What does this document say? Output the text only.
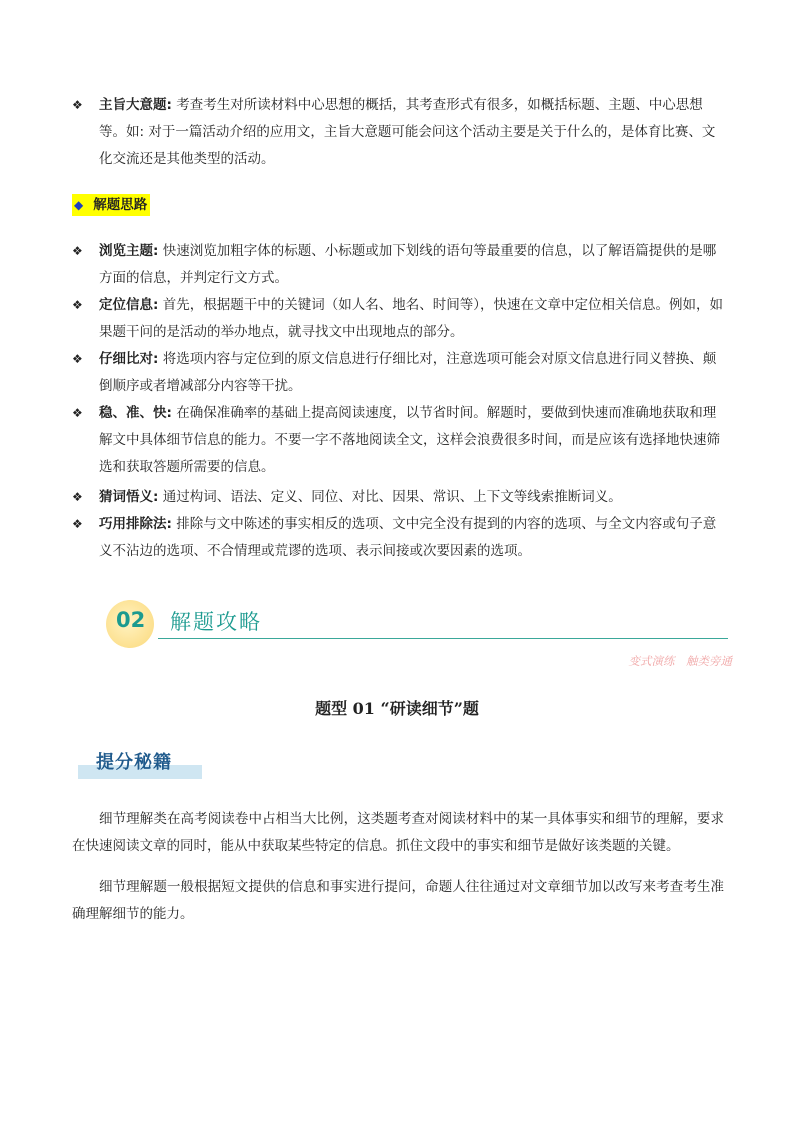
❖	主旨大意题: 考查考生对所读材料中心思想的概括，其考查形式有很多，如概括标题、主题、中心思想等。如: 对于一篇活动介绍的应用文，主旨大意题可能会问这个活动主要是关于什么的，是体育比赛、文化交流还是其他类型的活动。
◆ 解题思路
❖	浏览主题: 快速浏览加粗字体的标题、小标题或加下划线的语句等最重要的信息，以了解语篇提供的是哪方面的信息，并判定行文方式。
❖	定位信息: 首先，根据题干中的关键词（如人名、地名、时间等），快速在文章中定位相关信息。例如，如果题干问的是活动的举办地点，就寻找文中出现地点的部分。
❖	仔细比对: 将选项内容与定位到的原文信息进行仔细比对，注意选项可能会对原文信息进行同义替换、颠倒顺序或者增减部分内容等干扰。
❖	稳、准、快: 在确保准确率的基础上提高阅读速度，以节省时间。解题时，要做到快速而准确地获取和理解文中具体细节信息的能力。不要一字不落地阅读全文，这样会浪费很多时间，而是应该有选择地快速筛选和获取答题所需要的信息。
❖	猜词悟义: 通过构词、语法、定义、同位、对比、因果、常识、上下文等线索推断词义。
❖	巧用排除法: 排除与文中陈述的事实相反的选项、文中完全没有提到的内容的选项、与全文内容或句子意义不沾边的选项、不合情理或荒谬的选项、表示间接或次要因素的选项。
02 解题攻略
变式演练　触类旁通
题型 01 “研读细节”题
提分秘籍

细节理解类在高考阅读卷中占相当大比例，这类题考查对阅读材料中的某一具体事实和细节的理解，要求在快速阅读文章的同时，能从中获取某些特定的信息。抓住文段中的事实和细节是做好该类题的关键。

细节理解题一般根据短文提供的信息和事实进行提问，命题人往往通过对文章细节加以改写来考查考生准确理解细节的能力。
